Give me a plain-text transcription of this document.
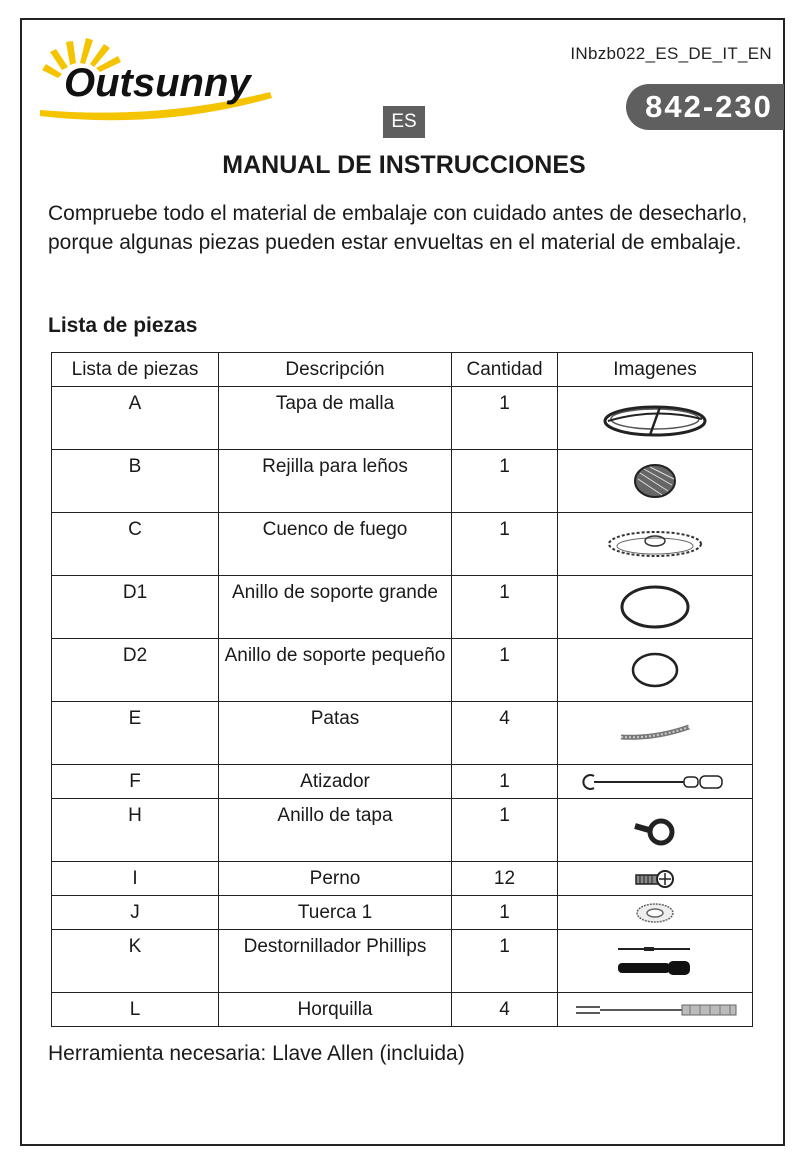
Outsunny
INbzb022_ES_DE_IT_EN
842-230
ES
MANUAL DE INSTRUCCIONES

Compruebe todo el material de embalaje con cuidado antes de desecharlo, porque algunas piezas pueden estar envueltas en el material de embalaje.

Lista de piezas
Lista de piezas	Descripción	Cantidad	Imagenes

A	Tapa de malla	1

B	Rejilla para leños	1

C	Cuenco de fuego	1

D1	Anillo de soporte grande	1

D2	Anillo de soporte pequeño	1

E	Patas	4

F	Atizador	1

H	Anillo de tapa	1

I	Perno	12

J	Tuerca 1	1

K	Destornillador Phillips	1

L	Horquilla	4

Herramienta necesaria: Llave Allen (incluida)
